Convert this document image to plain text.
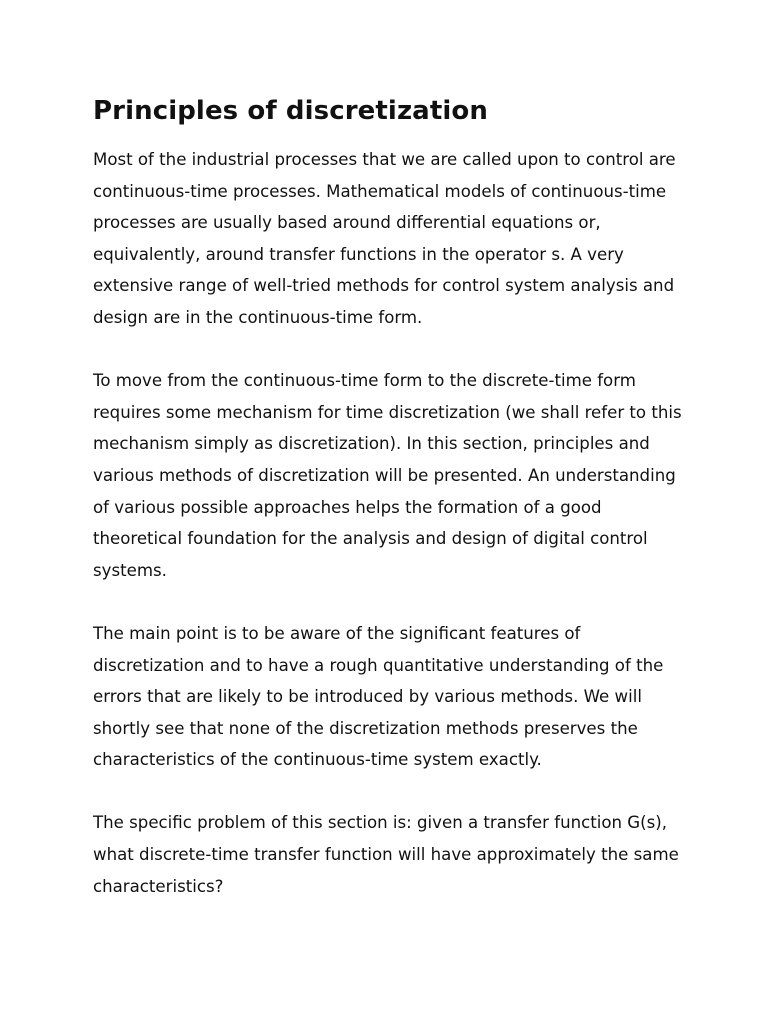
Principles of discretization

Most of the industrial processes that we are called upon to control are continuous-time processes. Mathematical models of continuous-time processes are usually based around differential equations or, equivalently, around transfer functions in the operator s. A very extensive range of well-tried methods for control system analysis and design are in the continuous-time form.

To move from the continuous-time form to the discrete-time form requires some mechanism for time discretization (we shall refer to this mechanism simply as discretization). In this section, principles and various methods of discretization will be presented. An understanding of various possible approaches helps the formation of a good theoretical foundation for the analysis and design of digital control systems.

The main point is to be aware of the significant features of discretization and to have a rough quantitative understanding of the errors that are likely to be introduced by various methods. We will shortly see that none of the discretization methods preserves the characteristics of the continuous-time system exactly.

The specific problem of this section is: given a transfer function G(s), what discrete-time transfer function will have approximately the same characteristics?
